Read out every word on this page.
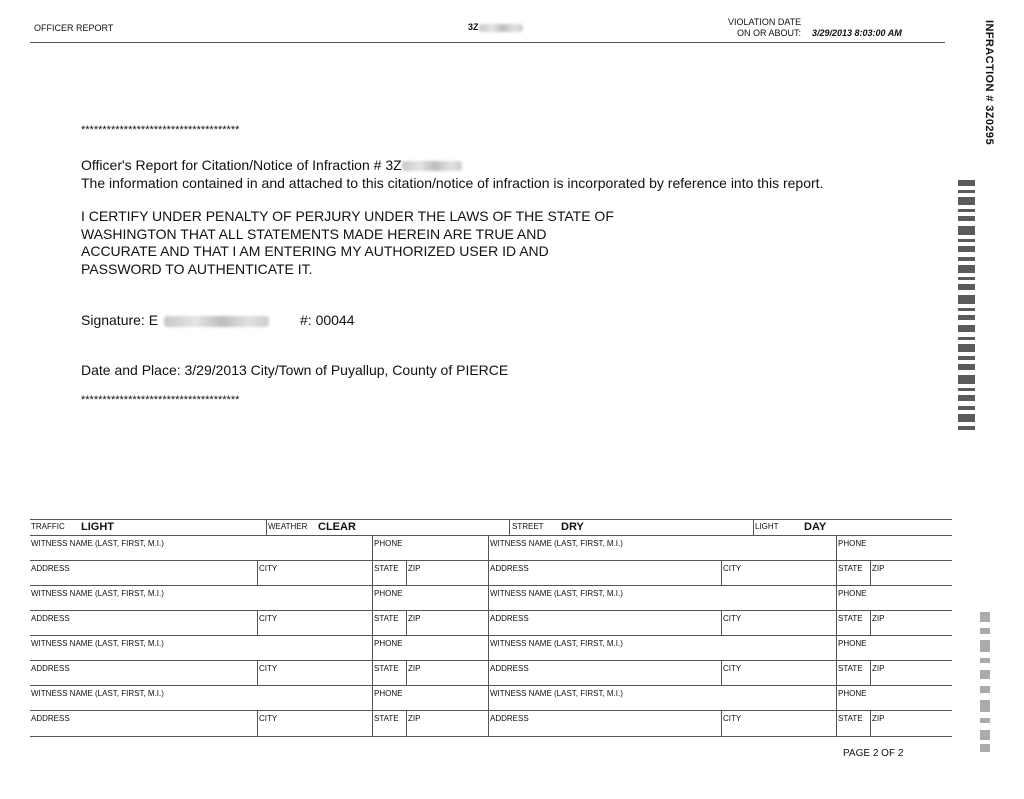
OFFICER REPORT	3Z	VIOLATION DATE
ON OR ABOUT: 3/29/2013 8:03:00 AM	INFRACTION # 3Z0295
*************************************
Officer's Report for Citation/Notice of Infraction # 3Z
The information contained in and attached to this citation/notice of infraction is incorporated by reference into this report.
I CERTIFY UNDER PENALTY OF PERJURY UNDER THE LAWS OF THE STATE OF
WASHINGTON THAT ALL STATEMENTS MADE HEREIN ARE TRUE AND
ACCURATE AND THAT I AM ENTERING MY AUTHORIZED USER ID AND
PASSWORD TO AUTHENTICATE IT.
Signature: E	#: 00044
Date and Place: 3/29/2013 City/Town of Puyallup, County of PIERCE
*************************************
TRAFFIC LIGHT	WEATHER CLEAR	STREET DRY	LIGHT DAY
WITNESS NAME (LAST, FIRST, M.I.)	PHONE	WITNESS NAME (LAST, FIRST, M.I.)	PHONE
ADDRESS	CITY	STATE ZIP	ADDRESS	CITY	STATE ZIP
WITNESS NAME (LAST, FIRST, M.I.)	PHONE	WITNESS NAME (LAST, FIRST, M.I.)	PHONE
ADDRESS	CITY	STATE ZIP	ADDRESS	CITY	STATE ZIP
WITNESS NAME (LAST, FIRST, M.I.)	PHONE	WITNESS NAME (LAST, FIRST, M.I.)	PHONE
ADDRESS	CITY	STATE ZIP	ADDRESS	CITY	STATE ZIP
WITNESS NAME (LAST, FIRST, M.I.)	PHONE	WITNESS NAME (LAST, FIRST, M.I.)	PHONE
ADDRESS	CITY	STATE ZIP	ADDRESS	CITY	STATE ZIP
PAGE 2 OF 2
